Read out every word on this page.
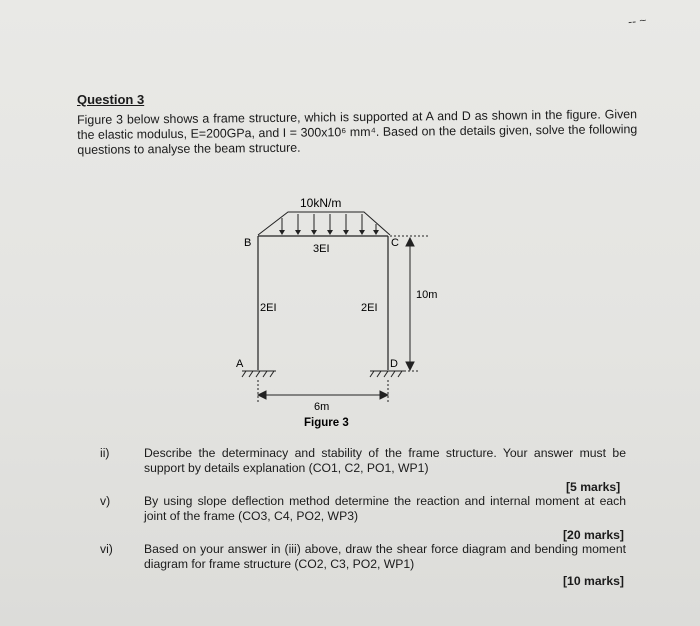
-- ~
Question 3
Figure 3 below shows a frame structure, which is supported at A and D as shown in the figure. Given the elastic modulus, E=200GPa, and I = 300x10⁶ mm⁴. Based on the details given, solve the following questions to analyse the beam structure.
10kN/m
B	C
A	D
3EI
2EI	2EI
10m
6m
Figure 3
ii)	Describe the determinacy and stability of the frame structure. Your answer must be support by details explanation (CO1, C2, PO1, WP1)
[5 marks]
v)	By using slope deflection method determine the reaction and internal moment at each joint of the frame (CO3, C4, PO2, WP3)
[20 marks]
vi)	Based on your answer in (iii) above, draw the shear force diagram and bending moment diagram for frame structure (CO2, C3, PO2, WP1)
[10 marks]
